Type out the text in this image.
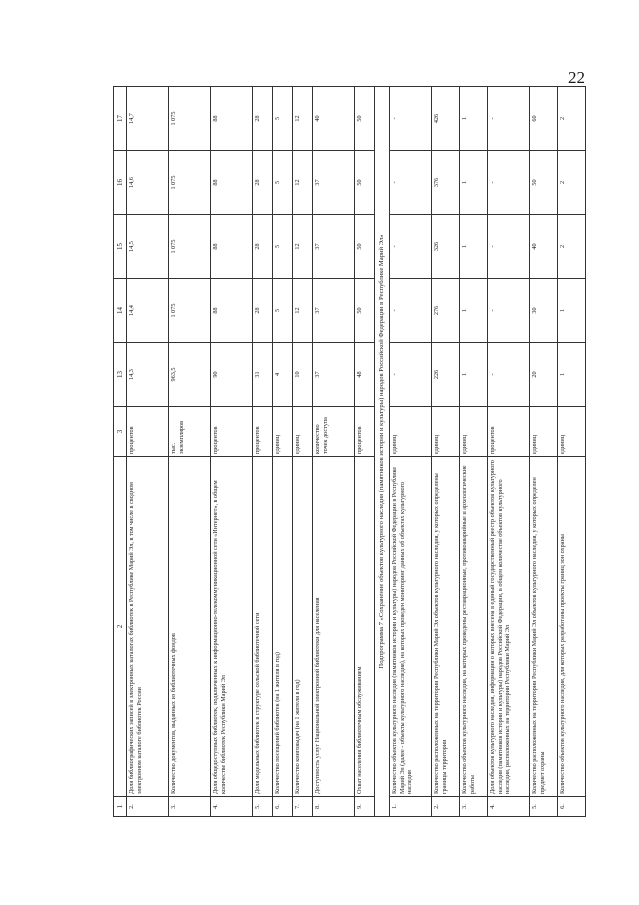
22
1	2	3	13	14	15	16	17
2.	Доля библиографических записей в электронных каталогах библиотек в Республике Марий Эл, в том числе в сводном электронном каталоге библиотек России	процентов	14,3	14,4	14,5	14,6	14,7
3.	Количество документов, выданных из библиотечных фондов	тыс. экземпляров	963,5	1 075	1 075	1 075	1 075
4.	Доля общедоступных библиотек, подключенных к информационно-телекоммуникационной сети «Интернет», в общем количестве библиотек Республики Марий Эл	процентов	90	88	88	88	88
5.	Доля модельных библиотек в структуре сельской библиотечной сети	процентов	31	28	28	28	28
6.	Количество посещений библиотек (на 1 жителя в год)	единиц	4	5	5	5	5
7.	Количество книговыдач (на 1 жителя в год)	единиц	10	12	12	12	12
8.	Доступность услуг Национальной электронной библиотеки для населения	количество точек доступа	37	37	37	37	40
9.	Охват населения библиотечным обслуживанием	процентов	48	50	50	50	50
Подпрограмма 7 «Сохранение объектов культурного наследия (памятников истории и культуры) народов Российской Федерации в Республике Марий Эл»							
1.	Количество объектов культурного наследия (памятников истории и культуры) народов Российской Федерации в Республике Марий Эл (далее - объекты культурного наследия), на которых проведен мониторинг данных об объектах культурного наследия	единиц	-	-	-	-	-
2.	Количество расположенных на территории Республики Марий Эл объектов культурного наследия, у которых определены границы территории	единиц	226	276	326	376	426
3.	Количество объектов культурного наследия, на которых проведены реставрационные, противоаварийные и археологические работы	единиц	1	1	1	1	1
4.	Доля объектов культурного наследия, информация о которых внесена в единый государственный реестр объектов культурного наследия (памятников истории и культуры) народов Российской Федерации, в общем количестве объектов культурного наследия, расположенных на территории Республики Марий Эл	процентов	-	-	-	-	-
5.	Количество расположенных на территории Республики Марий Эл объектов культурного наследия, у которых определен предмет охраны	единиц	20	30	40	50	60
6.	Количество объектов культурного наследия, для которых разработаны проекты границ зон охраны	единиц	1	1	2	2	2
